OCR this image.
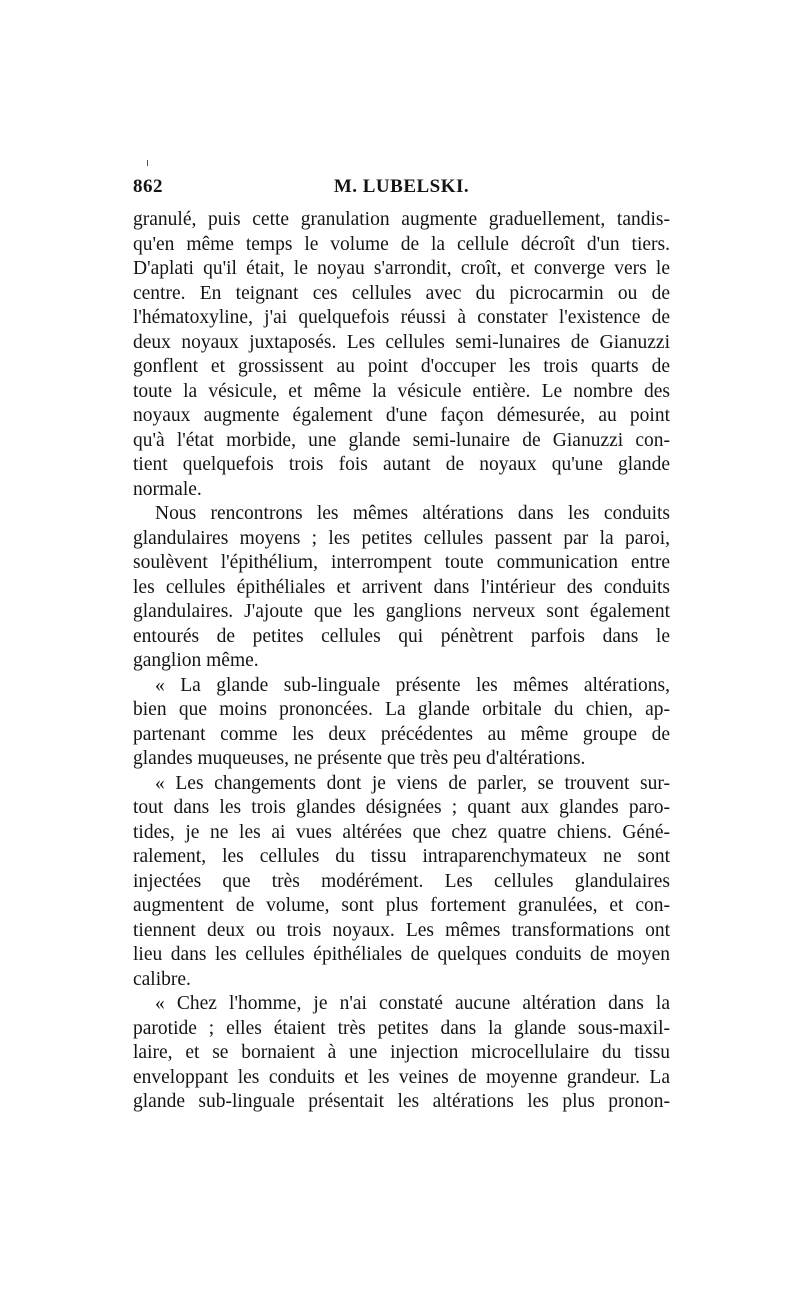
862	M. LUBELSKI.
granulé, puis cette granulation augmente graduellement, tandis-
qu'en même temps le volume de la cellule décroît d'un tiers.
D'aplati qu'il était, le noyau s'arrondit, croît, et converge vers le
centre. En teignant ces cellules avec du picrocarmin ou de
l'hématoxyline, j'ai quelquefois réussi à constater l'existence de
deux noyaux juxtaposés. Les cellules semi-lunaires de Gianuzzi
gonflent et grossissent au point d'occuper les trois quarts de
toute la vésicule, et même la vésicule entière. Le nombre des
noyaux augmente également d'une façon démesurée, au point
qu'à l'état morbide, une glande semi-lunaire de Gianuzzi con-
tient quelquefois trois fois autant de noyaux qu'une glande
normale.
Nous rencontrons les mêmes altérations dans les conduits
glandulaires moyens ; les petites cellules passent par la paroi,
soulèvent l'épithélium, interrompent toute communication entre
les cellules épithéliales et arrivent dans l'intérieur des conduits
glandulaires. J'ajoute que les ganglions nerveux sont également
entourés de petites cellules qui pénètrent parfois dans le
ganglion même.
« La glande sub-linguale présente les mêmes altérations,
bien que moins prononcées. La glande orbitale du chien, ap-
partenant comme les deux précédentes au même groupe de
glandes muqueuses, ne présente que très peu d'altérations.
« Les changements dont je viens de parler, se trouvent sur-
tout dans les trois glandes désignées ; quant aux glandes paro-
tides, je ne les ai vues altérées que chez quatre chiens. Géné-
ralement, les cellules du tissu intraparenchymateux ne sont
injectées que très modérément. Les cellules glandulaires
augmentent de volume, sont plus fortement granulées, et con-
tiennent deux ou trois noyaux. Les mêmes transformations ont
lieu dans les cellules épithéliales de quelques conduits de moyen
calibre.
« Chez l'homme, je n'ai constaté aucune altération dans la
parotide ; elles étaient très petites dans la glande sous-maxil-
laire, et se bornaient à une injection microcellulaire du tissu
enveloppant les conduits et les veines de moyenne grandeur. La
glande sub-linguale présentait les altérations les plus pronon-
